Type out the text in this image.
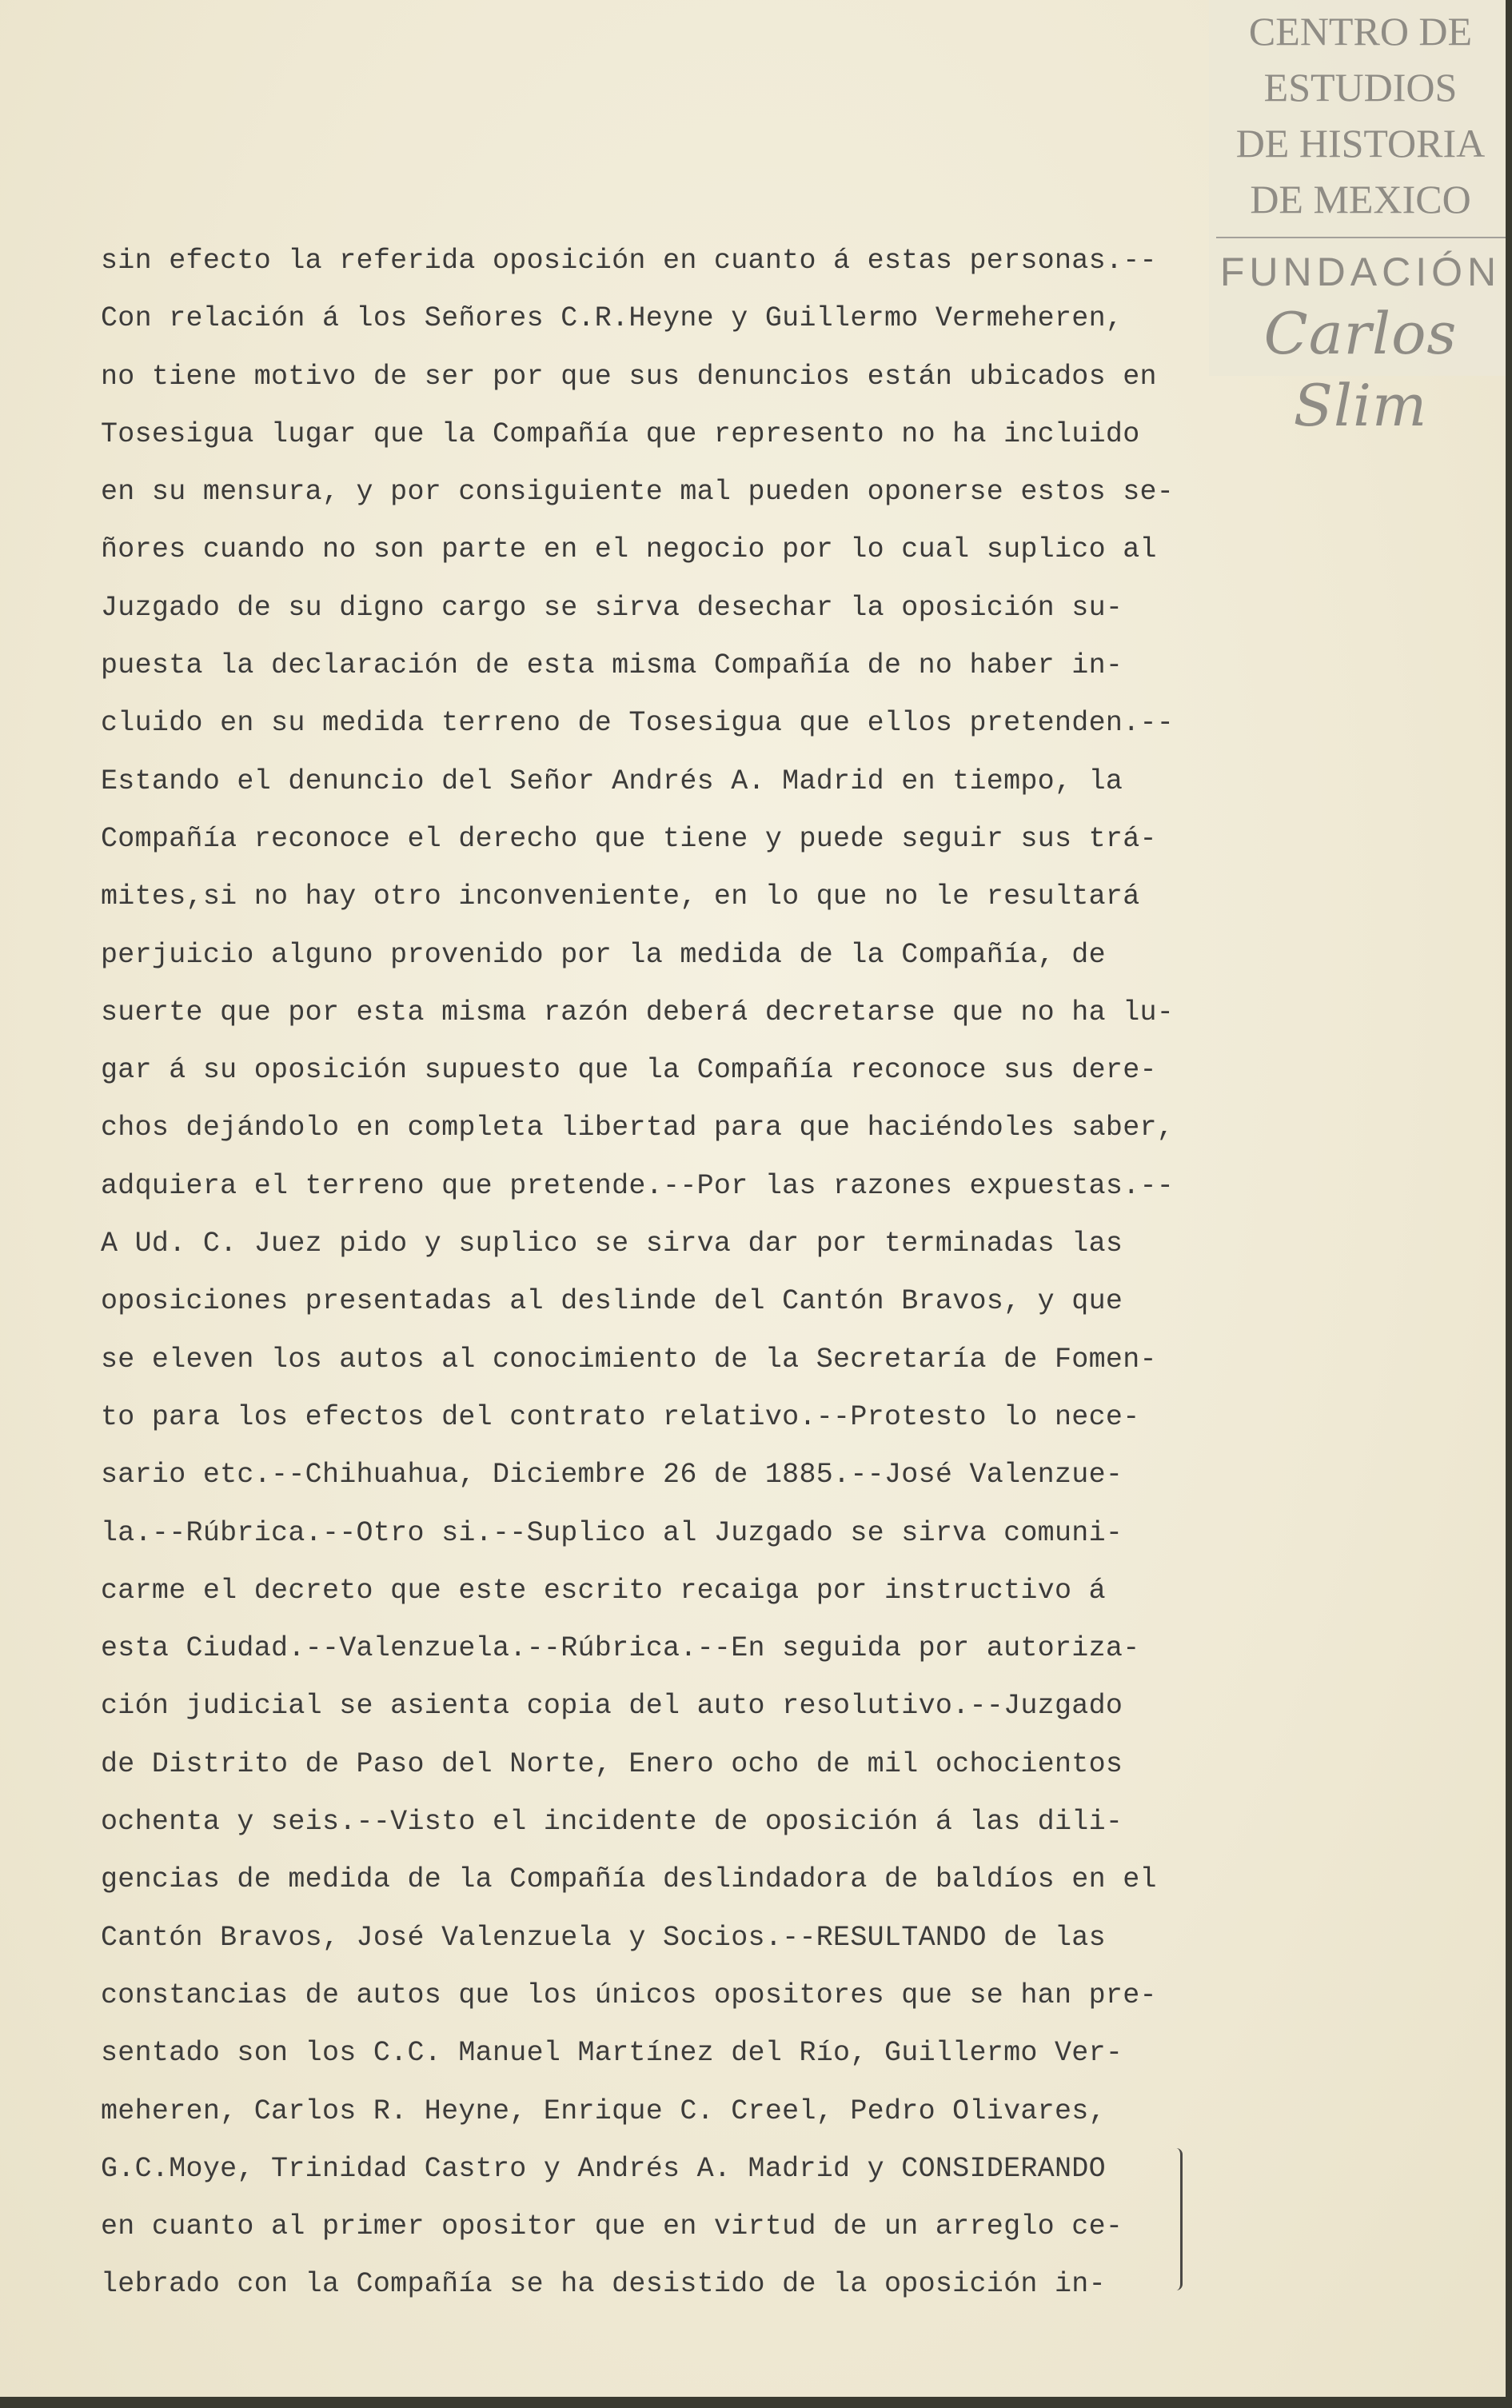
CENTRO DE
ESTUDIOS
DE HISTORIA
DE MEXICO
FUNDACIÓN
Carlos Slim
sin efecto la referida oposición en cuanto á estas personas.--
Con relación á los Señores C.R.Heyne y Guillermo Vermeheren,
no tiene motivo de ser por que sus denuncios están ubicados en
Tosesigua lugar que la Compañía que represento no ha incluido
en su mensura, y por consiguiente mal pueden oponerse estos se-
ñores cuando no son parte en el negocio por lo cual suplico al
Juzgado de su digno cargo se sirva desechar la oposición su-
puesta la declaración de esta misma Compañía de no haber in-
cluido en su medida terreno de Tosesigua que ellos pretenden.--
Estando el denuncio del Señor Andrés A. Madrid en tiempo, la
Compañía reconoce el derecho que tiene y puede seguir sus trá-
mites,si no hay otro inconveniente, en lo que no le resultará
perjuicio alguno provenido por la medida de la Compañía, de
suerte que por esta misma razón deberá decretarse que no ha lu-
gar á su oposición supuesto que la Compañía reconoce sus dere-
chos dejándolo en completa libertad para que haciéndoles saber,
adquiera el terreno que pretende.--Por las razones expuestas.--
A Ud. C. Juez pido y suplico se sirva dar por terminadas las
oposiciones presentadas al deslinde del Cantón Bravos, y que
se eleven los autos al conocimiento de la Secretaría de Fomen-
to para los efectos del contrato relativo.--Protesto lo nece-
sario etc.--Chihuahua, Diciembre 26 de 1885.--José Valenzue-
la.--Rúbrica.--Otro si.--Suplico al Juzgado se sirva comuni-
carme el decreto que este escrito recaiga por instructivo á
esta Ciudad.--Valenzuela.--Rúbrica.--En seguida por autoriza-
ción judicial se asienta copia del auto resolutivo.--Juzgado
de Distrito de Paso del Norte, Enero ocho de mil ochocientos
ochenta y seis.--Visto el incidente de oposición á las dili-
gencias de medida de la Compañía deslindadora de baldíos en el
Cantón Bravos, José Valenzuela y Socios.--RESULTANDO de las
constancias de autos que los únicos opositores que se han pre-
sentado son los C.C. Manuel Martínez del Río, Guillermo Ver-
meheren, Carlos R. Heyne, Enrique C. Creel, Pedro Olivares,
G.C.Moye, Trinidad Castro y Andrés A. Madrid y CONSIDERANDO
en cuanto al primer opositor que en virtud de un arreglo ce-
lebrado con la Compañía se ha desistido de la oposición in-
